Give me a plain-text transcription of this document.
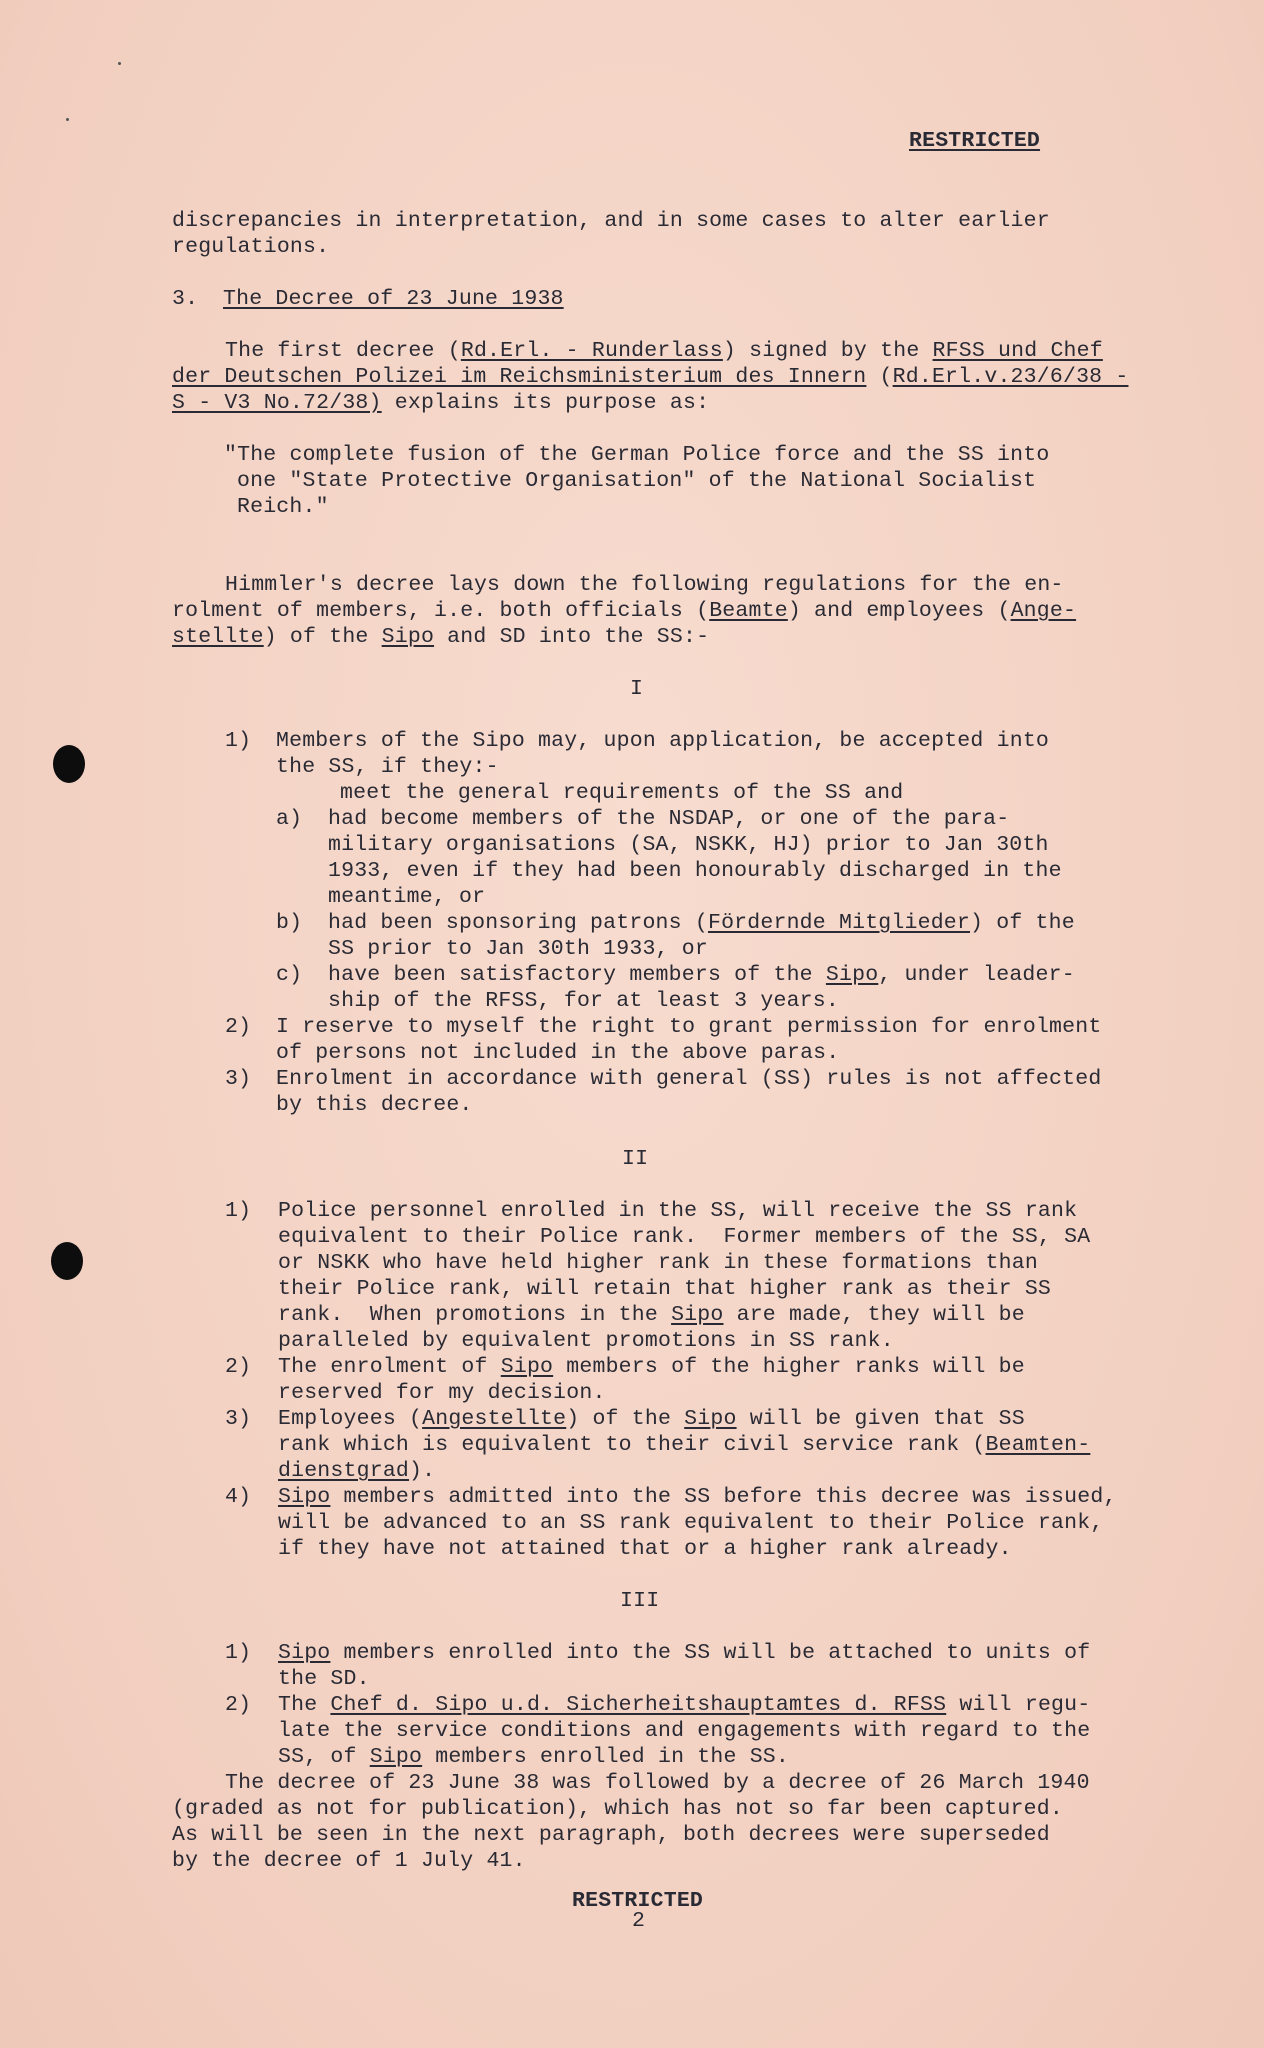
RESTRICTED
discrepancies in interpretation, and in some cases to alter earlier
regulations.
3. The Decree of 23 June 1938
The first decree (Rd.Erl. - Runderlass) signed by the RFSS und Chef
der Deutschen Polizei im Reichsministerium des Innern (Rd.Erl.v.23/6/38 -
S - V3 No.72/38) explains its purpose as:
"The complete fusion of the German Police force and the SS into
one "State Protective Organisation" of the National Socialist
Reich."
Himmler's decree lays down the following regulations for the en-
rolment of members, i.e. both officials (Beamte) and employees (Ange-
stellte) of the Sipo and SD into the SS:-
I
1) Members of the Sipo may, upon application, be accepted into
the SS, if they:-
meet the general requirements of the SS and
a) had become members of the NSDAP, or one of the para-
military organisations (SA, NSKK, HJ) prior to Jan 30th
1933, even if they had been honourably discharged in the
meantime, or
b) had been sponsoring patrons (Fördernde Mitglieder) of the
SS prior to Jan 30th 1933, or
c) have been satisfactory members of the Sipo, under leader-
ship of the RFSS, for at least 3 years.
2) I reserve to myself the right to grant permission for enrolment
of persons not included in the above paras.
3) Enrolment in accordance with general (SS) rules is not affected
by this decree.
II
1) Police personnel enrolled in the SS, will receive the SS rank
equivalent to their Police rank.  Former members of the SS, SA
or NSKK who have held higher rank in these formations than
their Police rank, will retain that higher rank as their SS
rank.  When promotions in the Sipo are made, they will be
paralleled by equivalent promotions in SS rank.
2) The enrolment of Sipo members of the higher ranks will be
reserved for my decision.
3) Employees (Angestellte) of the Sipo will be given that SS
rank which is equivalent to their civil service rank (Beamten-
dienstgrad).
4) Sipo members admitted into the SS before this decree was issued,
will be advanced to an SS rank equivalent to their Police rank,
if they have not attained that or a higher rank already.
III
1) Sipo members enrolled into the SS will be attached to units of
the SD.
2) The Chef d. Sipo u.d. Sicherheitshauptamtes d. RFSS will regu-
late the service conditions and engagements with regard to the
SS, of Sipo members enrolled in the SS.
The decree of 23 June 38 was followed by a decree of 26 March 1940
(graded as not for publication), which has not so far been captured.
As will be seen in the next paragraph, both decrees were superseded
by the decree of 1 July 41.
RESTRICTED
2
